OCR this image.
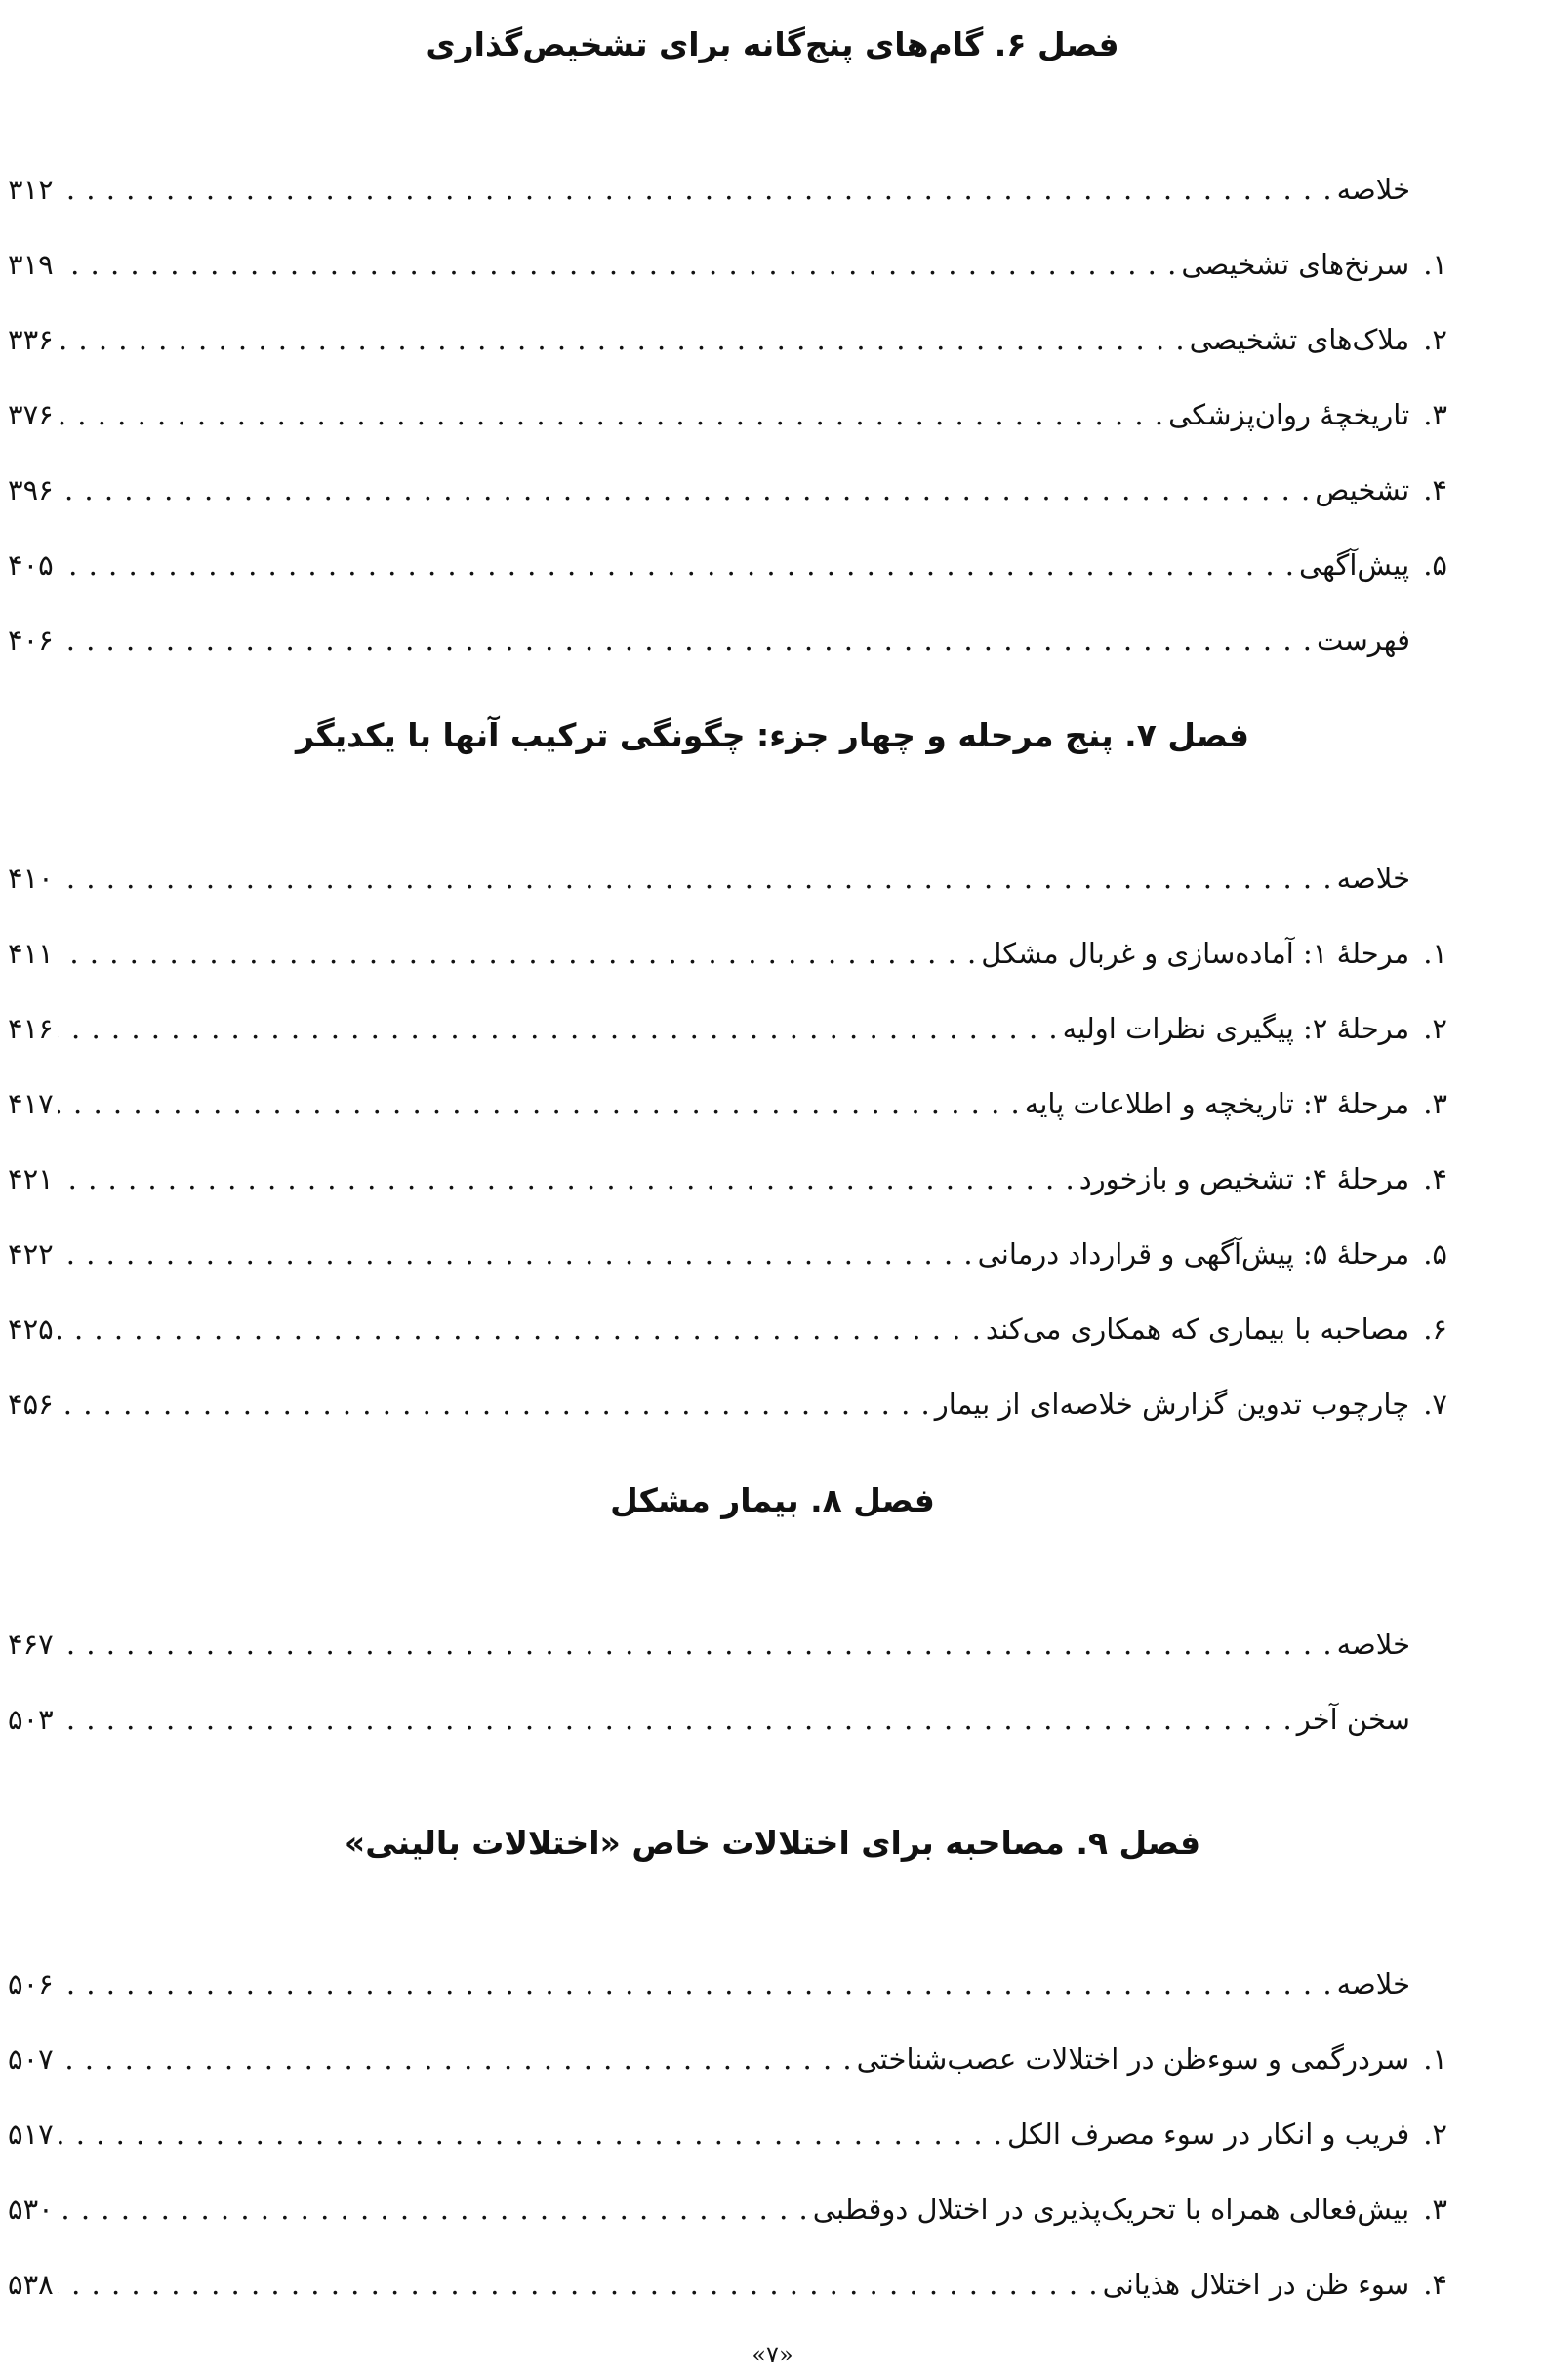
فصل ۶. گام‌های پنج‌گانه برای تشخیص‌گذاری
خلاصه
. . .
۳۱۲
۱.
سرنخ‌های تشخیصی
. . .
۳۱۹
۲.
ملاک‌های تشخیصی
. . .
۳۳۶
۳.
تاریخچهٔ روان‌پزشکی
. . .
۳۷۶
۴.
تشخیص
. . .
۳۹۶
۵.
پیش‌آگهی
. . .
۴۰۵
فهرست
. . .
۴۰۶
فصل ۷. پنج مرحله و چهار جزء: چگونگی ترکیب آنها با یکدیگر
خلاصه
. . .
۴۱۰
۱.
مرحلهٔ ۱: آماده‌سازی و غربال مشکل
. . .
۴۱۱
۲.
مرحلهٔ ۲: پیگیری نظرات اولیه
. . .
۴۱۶
۳.
مرحلهٔ ۳: تاریخچه و اطلاعات پایه
. . .
۴۱۷
۴.
مرحلهٔ ۴: تشخیص و بازخورد
. . .
۴۲۱
۵.
مرحلهٔ ۵: پیش‌آگهی و قرارداد درمانی
. . .
۴۲۲
۶.
مصاحبه با بیماری که همکاری می‌کند
. . .
۴۲۵
۷.
چارچوب تدوین گزارش خلاصه‌ای از بیمار
. . .
۴۵۶
فصل ۸. بیمار مشکل
خلاصه
. . .
۴۶۷
سخن آخر
. . .
۵۰۳
فصل ۹. مصاحبه برای اختلالات خاص «اختلالات بالینی»
خلاصه
. . .
۵۰۶
۱.
سردرگمی و سوءظن در اختلالات عصب‌شناختی
. . .
۵۰۷
۲.
فریب و انکار در سوء مصرف الکل
. . .
۵۱۷
۳.
بیش‌فعالی همراه با تحریک‌پذیری در اختلال دوقطبی
. . .
۵۳۰
۴.
سوء ظن در اختلال هذیانی
. . .
۵۳۸
«۷»
